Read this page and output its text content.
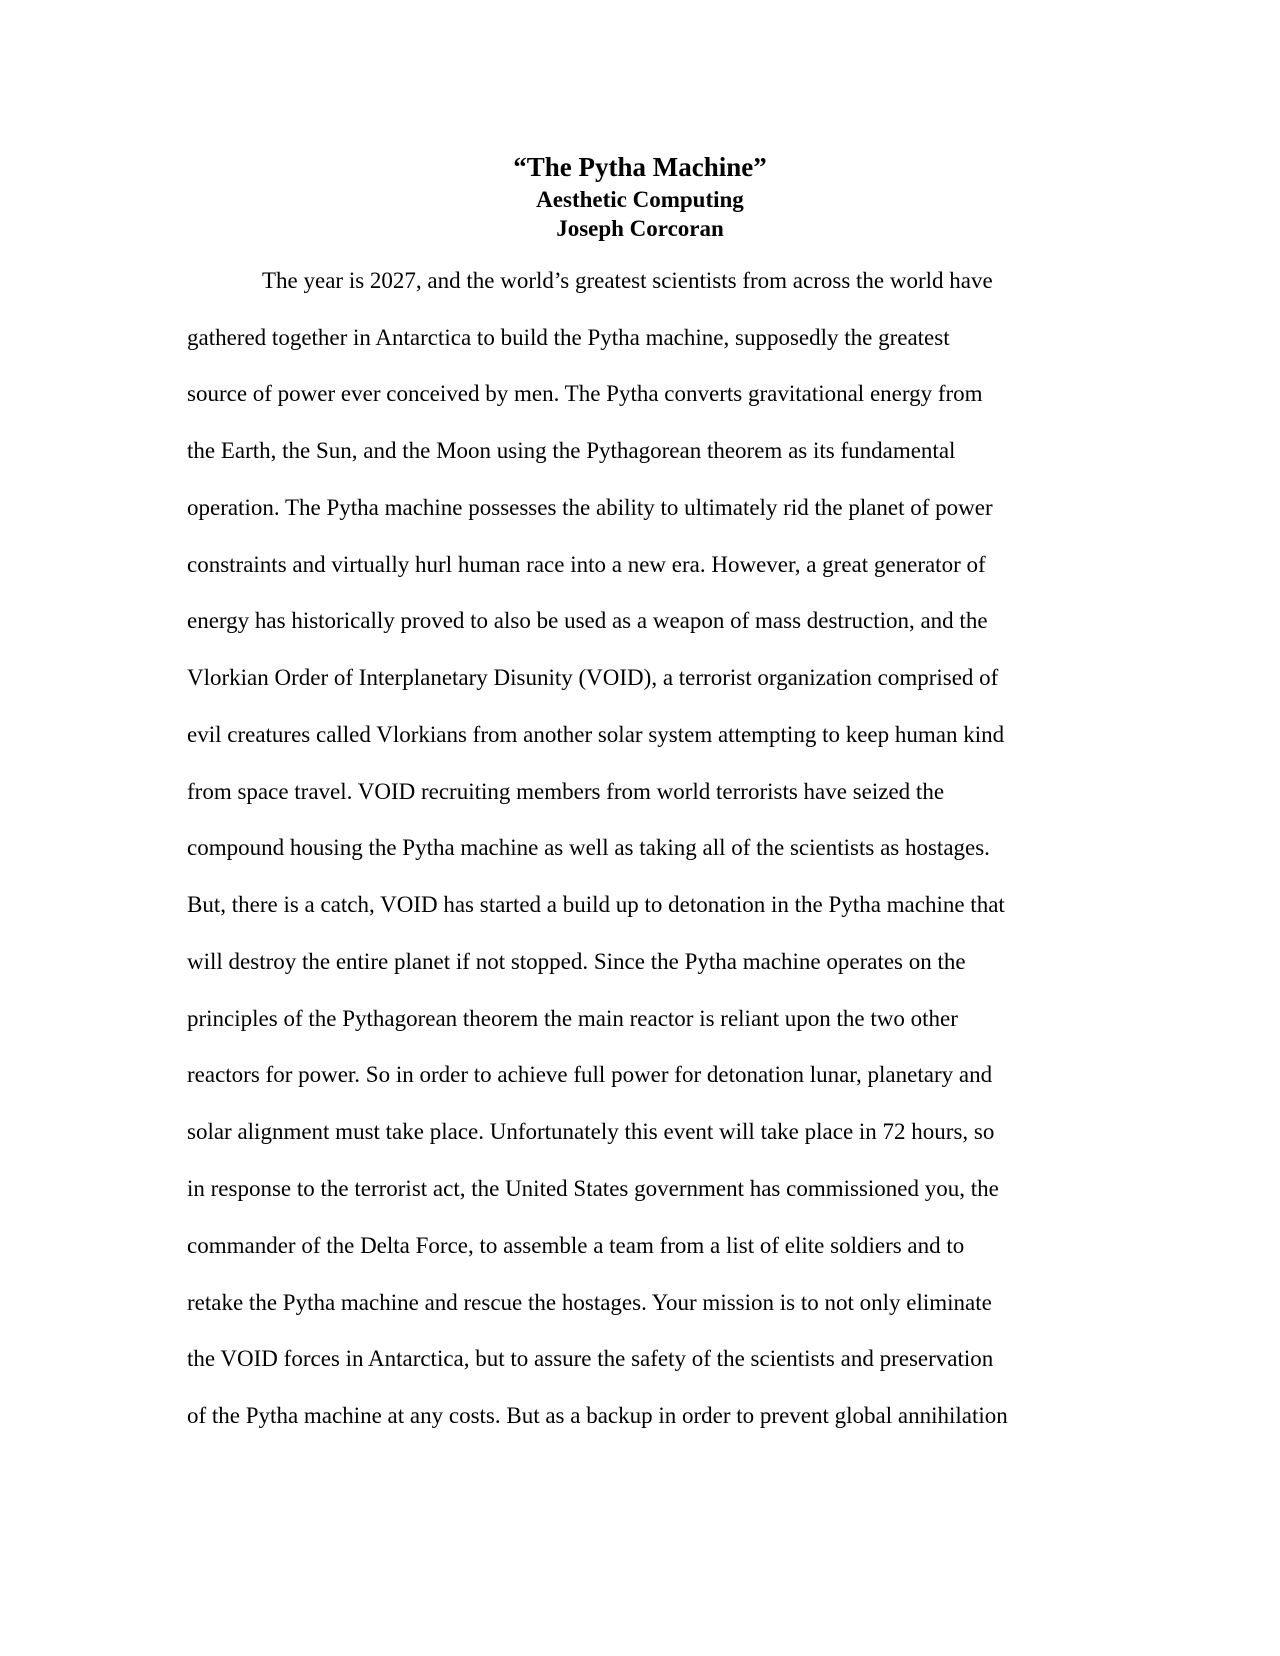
“The Pytha Machine”
Aesthetic Computing
Joseph Corcoran
The year is 2027, and the world’s greatest scientists from across the world have
gathered together in Antarctica to build the Pytha machine, supposedly the greatest
source of power ever conceived by men. The Pytha converts gravitational energy from
the Earth, the Sun, and the Moon using the Pythagorean theorem as its fundamental
operation. The Pytha machine possesses the ability to ultimately rid the planet of power
constraints and virtually hurl human race into a new era. However, a great generator of
energy has historically proved to also be used as a weapon of mass destruction, and the
Vlorkian Order of Interplanetary Disunity (VOID), a terrorist organization comprised of
evil creatures called Vlorkians from another solar system attempting to keep human kind
from space travel. VOID recruiting members from world terrorists have seized the
compound housing the Pytha machine as well as taking all of the scientists as hostages.
But, there is a catch, VOID has started a build up to detonation in the Pytha machine that
will destroy the entire planet if not stopped. Since the Pytha machine operates on the
principles of the Pythagorean theorem the main reactor is reliant upon the two other
reactors for power. So in order to achieve full power for detonation lunar, planetary and
solar alignment must take place. Unfortunately this event will take place in 72 hours, so
in response to the terrorist act, the United States government has commissioned you, the
commander of the Delta Force, to assemble a team from a list of elite soldiers and to
retake the Pytha machine and rescue the hostages. Your mission is to not only eliminate
the VOID forces in Antarctica, but to assure the safety of the scientists and preservation
of the Pytha machine at any costs. But as a backup in order to prevent global annihilation
